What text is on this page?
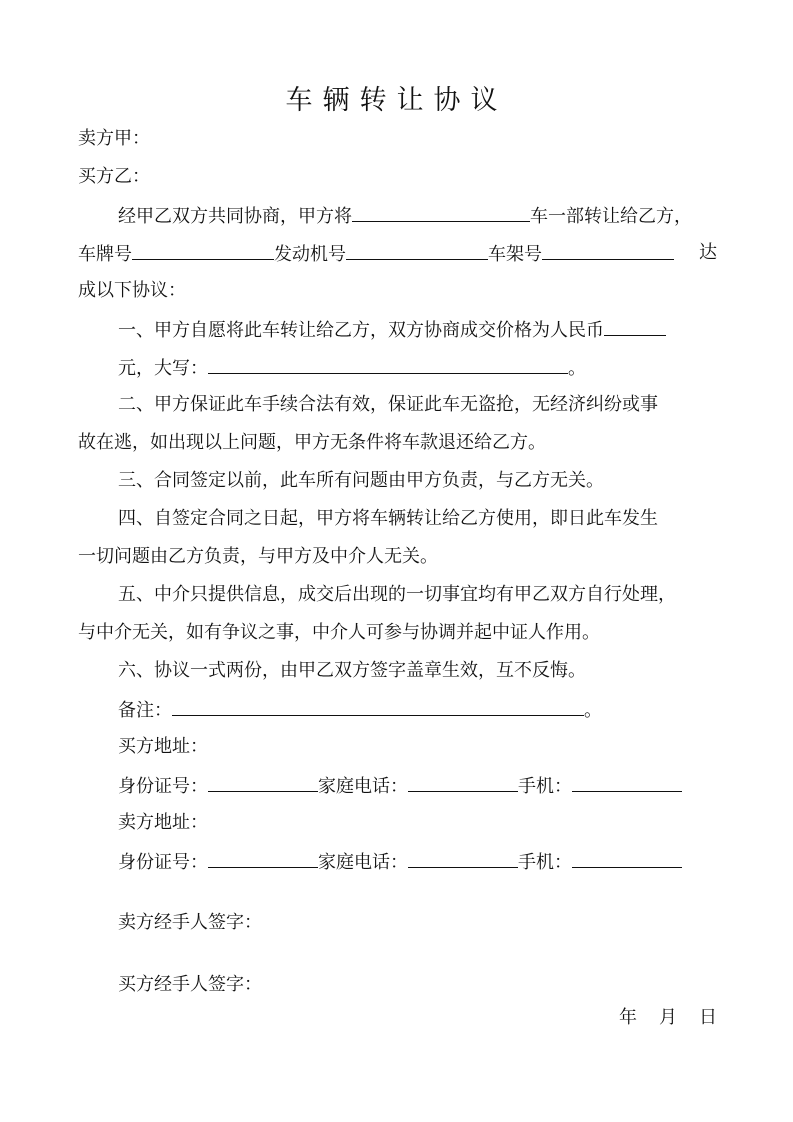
车辆转让协议
卖方甲：
买方乙：
经甲乙双方共同协商，甲方将	车一部转让给乙方，
车牌号	发动机号	车架号	达
成以下协议：
一、甲方自愿将此车转让给乙方，双方协商成交价格为人民币
元，大写：	。
二、甲方保证此车手续合法有效，保证此车无盗抢，无经济纠纷或事
故在逃，如出现以上问题，甲方无条件将车款退还给乙方。
三、合同签定以前，此车所有问题由甲方负责，与乙方无关。
四、自签定合同之日起，甲方将车辆转让给乙方使用，即日此车发生
一切问题由乙方负责，与甲方及中介人无关。
五、中介只提供信息，成交后出现的一切事宜均有甲乙双方自行处理，
与中介无关，如有争议之事，中介人可参与协调并起中证人作用。
六、协议一式两份，由甲乙双方签字盖章生效，互不反悔。
备注：	。
买方地址：
身份证号：	家庭电话：	手机：
卖方地址：
身份证号：	家庭电话：	手机：
卖方经手人签字：
买方经手人签字：
年 月 日
